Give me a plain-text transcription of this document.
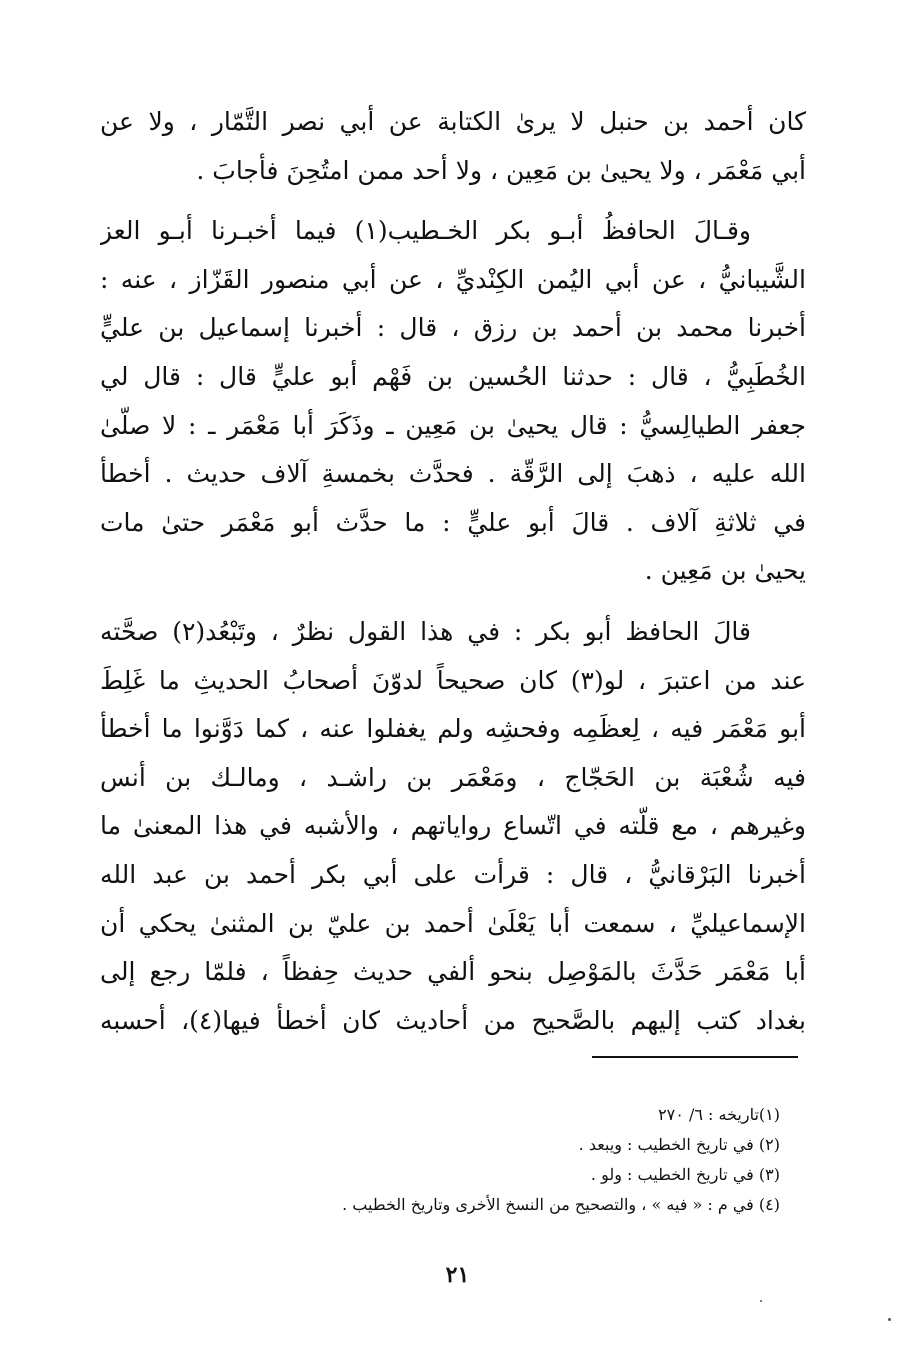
كان أحمد بن حنبل لا يرىٰ الكتابة عن أبي نصر التَّمّار ، ولا عن
أبي مَعْمَر ، ولا يحيىٰ بن مَعِين ، ولا أحد ممن امتُحِنَ فأجابَ .
وقـالَ الحافظُ أبـو بكر الخـطيب(١) فيما أخبـرنا أبـو العز
الشَّيبانيُّ ، عن أبي اليُمن الكِنْديِّ ، عن أبي منصور القَزّاز ، عنه :
أخبرنا محمد بن أحمد بن رزق ، قال : أخبرنا إسماعيل بن عليٍّ
الخُطَبِيُّ ، قال : حدثنا الحُسين بن فَهْم أبو عليٍّ قال : قال لي
جعفر الطيالِسيُّ : قال يحيىٰ بن مَعِين ـ وذَكَرَ أبا مَعْمَر ـ : لا صلّىٰ
الله عليه ، ذهبَ إلى الرَّقّة . فحدَّث بخمسةِ آلاف حديث . أخطأ
في ثلاثةِ آلاف . قالَ أبو عليٍّ : ما حدَّث أبو مَعْمَر حتىٰ مات
يحيىٰ بن مَعِين .
قالَ الحافظ أبو بكر : في هذا القول نظرٌ ، وتَبْعُد(٢) صحَّته
عند من اعتبرَ ، لو(٣) كان صحيحاً لدوّنَ أصحابُ الحديثِ ما غَلِطَ
أبو مَعْمَر فيه ، لِعظَمِه وفحشِه ولم يغفلوا عنه ، كما دَوَّنوا ما أخطأ
فيه شُعْبَة بن الحَجّاج ، ومَعْمَر بن راشـد ، ومالـك بن أنس
وغيرهم ، مع قلّته في اتّساع رواياتهم ، والأشبه في هذا المعنىٰ ما
أخبرنا البَرْقانيُّ ، قال : قرأت على أبي بكر أحمد بن عبد الله
الإسماعيليِّ ، سمعت أبا يَعْلَىٰ أحمد بن عليّ بن المثنىٰ يحكي أن
أبا مَعْمَر حَدَّثَ بالمَوْصِل بنحو ألفي حديث حِفظاً ، فلمّا رجع إلى
بغداد كتب إليهم بالصَّحيح من أحاديث كان أخطأ فيها(٤)، أحسبه
(١)تاريخه : ٦/ ٢٧٠
(٢) في تاريخ الخطيب : ويبعد .
(٣) في تاريخ الخطيب : ولو .
(٤) في م : « فيه » ، والتصحيح من النسخ الأخرى وتاريخ الخطيب .
٢١
